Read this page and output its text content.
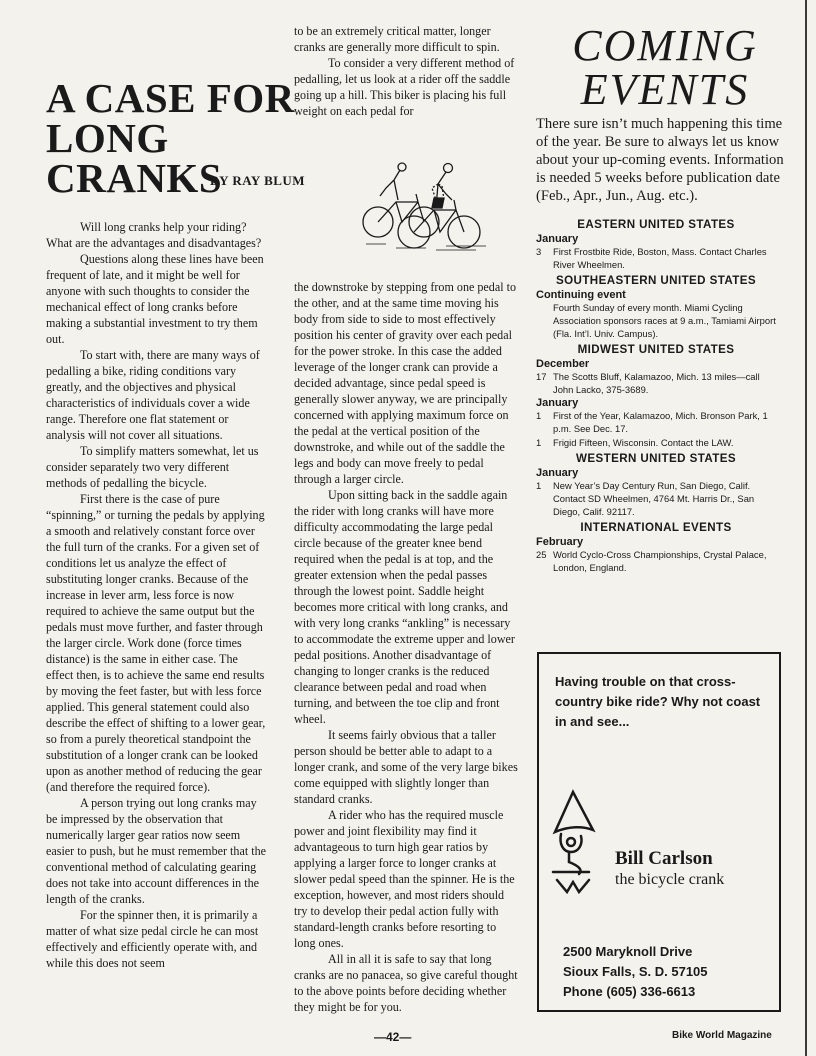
A CASE FOR LONG CRANKS
BY RAY BLUM

Will long cranks help your riding? What are the advantages and disadvantages?

Questions along these lines have been frequent of late, and it might be well for anyone with such thoughts to consider the mechanical effect of long cranks before making a substantial investment to try them out.

To start with, there are many ways of pedalling a bike, riding conditions vary greatly, and the objectives and physical characteristics of individuals cover a wide range. Therefore one flat statement or analysis will not cover all situations.

To simplify matters somewhat, let us consider separately two very different methods of pedalling the bicycle.

First there is the case of pure “spinning,” or turning the pedals by applying a smooth and relatively constant force over the full turn of the cranks. For a given set of conditions let us analyze the effect of substituting longer cranks. Because of the increase in lever arm, less force is now required to achieve the same output but the pedals must move further, and faster through the larger circle. Work done (force times distance) is the same in either case. The effect then, is to achieve the same end results by moving the feet faster, but with less force applied. This general statement could also describe the effect of shifting to a lower gear, so from a purely theoretical standpoint the substitution of a longer crank can be looked upon as another method of reducing the gear (and therefore the required force).

A person trying out long cranks may be impressed by the observation that numerically larger gear ratios now seem easier to push, but he must remember that the conventional method of calculating gearing does not take into account differences in the length of the cranks.

For the spinner then, it is primarily a matter of what size pedal circle he can most effectively and efficiently operate with, and while this does not seem

to be an extremely critical matter, longer cranks are generally more difficult to spin.

To consider a very different method of pedalling, let us look at a rider off the saddle going up a hill. This biker is placing his full weight on each pedal for

the downstroke by stepping from one pedal to the other, and at the same time moving his body from side to side to most effectively position his center of gravity over each pedal for the power stroke. In this case the added leverage of the longer crank can provide a decided advantage, since pedal speed is generally slower anyway, we are principally concerned with applying maximum force on the pedal at the vertical position of the downstroke, and while out of the saddle the legs and body can move freely to pedal through a larger circle.

Upon sitting back in the saddle again the rider with long cranks will have more difficulty accommodating the large pedal circle because of the greater knee bend required when the pedal is at top, and the greater extension when the pedal passes through the lowest point. Saddle height becomes more critical with long cranks, and with very long cranks “ankling” is necessary to accommodate the extreme upper and lower pedal positions. Another disadvantage of changing to longer cranks is the reduced clearance between pedal and road when turning, and between the toe clip and front wheel.

It seems fairly obvious that a taller person should be better able to adapt to a longer crank, and some of the very large bikes come equipped with slightly longer than standard cranks.

A rider who has the required muscle power and joint flexibility may find it advantageous to turn high gear ratios by applying a larger force to longer cranks at slower pedal speed than the spinner. He is the exception, however, and most riders should try to develop their pedal action fully with standard-length cranks before resorting to long ones.

All in all it is safe to say that long cranks are no panacea, so give careful thought to the above points before deciding whether they might be for you.

COMING
EVENTS

There sure isn’t much happening this time of the year. Be sure to always let us know about your up-coming events. Information is needed 5 weeks before publication date (Feb., Apr., Jun., Aug. etc.).

EASTERN UNITED STATES
January
3	First Frostbite Ride, Boston, Mass. Contact Charles River Wheelmen.
SOUTHEASTERN UNITED STATES
Continuing event
Fourth Sunday of every month. Miami Cycling Association sponsors races at 9 a.m., Tamiami Airport (Fla. Int’l. Univ. Campus).
MIDWEST UNITED STATES
December
17 The Scotts Bluff, Kalamazoo, Mich. 13 miles—call John Lacko, 375-3689.
January
1	First of the Year, Kalamazoo, Mich. Bronson Park, 1 p.m. See Dec. 17.
1	Frigid Fifteen, Wisconsin. Contact the LAW.
WESTERN UNITED STATES
January
1	New Year’s Day Century Run, San Diego, Calif. Contact SD Wheelmen, 4764 Mt. Harris Dr., San Diego, Calif. 92117.
INTERNATIONAL EVENTS
February
25 World Cyclo-Cross Championships, Crystal Palace, London, England.

Having trouble on that cross-country bike ride? Why not coast in and see...

Bill Carlson
the bicycle crank
2500 Maryknoll Drive
Sioux Falls, S. D. 57105
Phone (605) 336-6613
—42—	Bike World Magazine
